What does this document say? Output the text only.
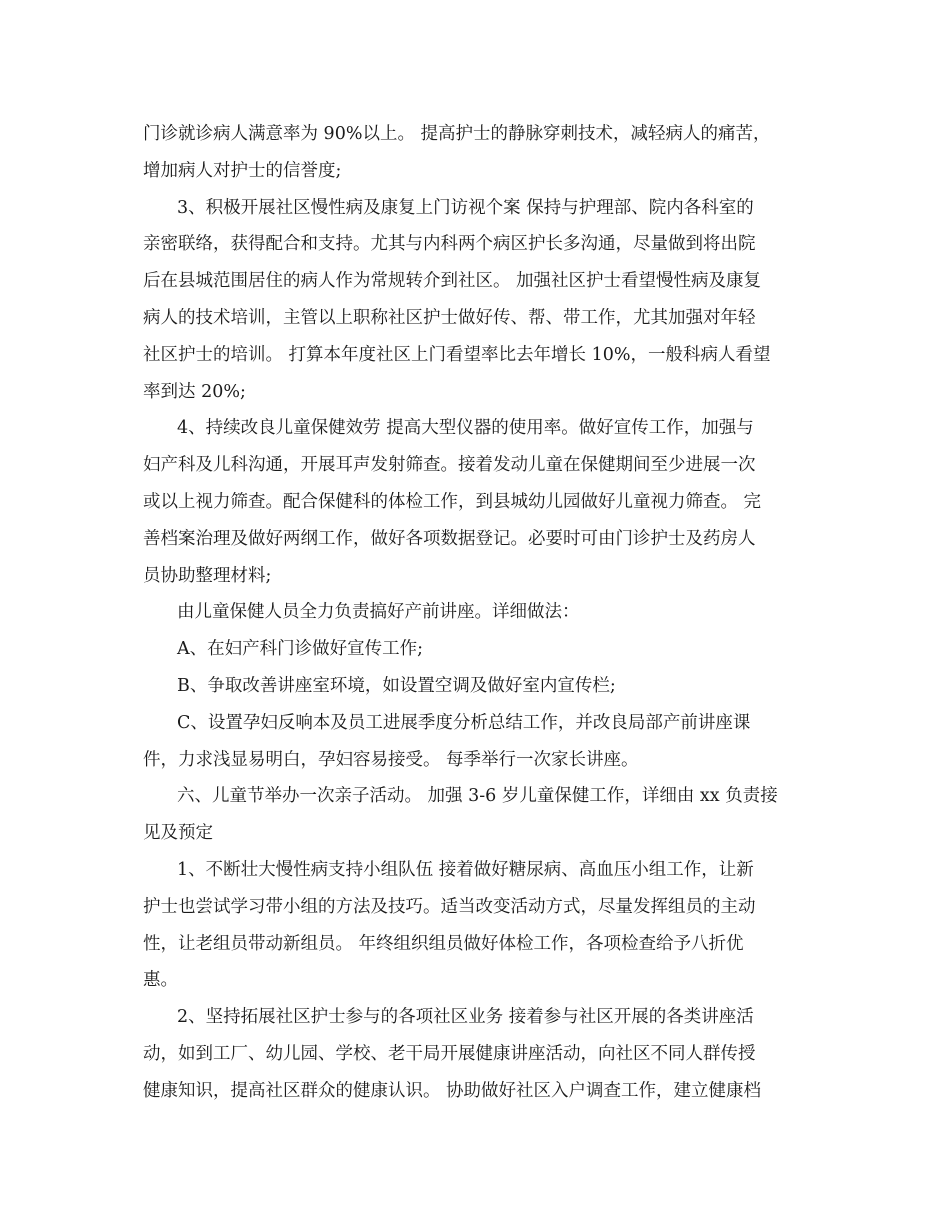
门诊就诊病人满意率为 90%以上。 提高护士的静脉穿刺技术，减轻病人的痛苦，
增加病人对护士的信誉度;
3、积极开展社区慢性病及康复上门访视个案 保持与护理部、院内各科室的
亲密联络，获得配合和支持。尤其与内科两个病区护长多沟通，尽量做到将出院
后在县城范围居住的病人作为常规转介到社区。 加强社区护士看望慢性病及康复
病人的技术培训，主管以上职称社区护士做好传、帮、带工作，尤其加强对年轻
社区护士的培训。 打算本年度社区上门看望率比去年增长 10%，一般科病人看望
率到达 20%;
4、持续改良儿童保健效劳 提高大型仪器的使用率。做好宣传工作，加强与
妇产科及儿科沟通，开展耳声发射筛查。接着发动儿童在保健期间至少进展一次
或以上视力筛查。配合保健科的体检工作，到县城幼儿园做好儿童视力筛查。 完
善档案治理及做好两纲工作，做好各项数据登记。必要时可由门诊护士及药房人
员协助整理材料;
由儿童保健人员全力负责搞好产前讲座。详细做法：
A、在妇产科门诊做好宣传工作;
B、争取改善讲座室环境，如设置空调及做好室内宣传栏;
C、设置孕妇反响本及员工进展季度分析总结工作，并改良局部产前讲座课
件，力求浅显易明白，孕妇容易接受。 每季举行一次家长讲座。
六、儿童节举办一次亲子活动。 加强 3-6 岁儿童保健工作，详细由 xx 负责接
见及预定
1、不断壮大慢性病支持小组队伍 接着做好糖尿病、高血压小组工作，让新
护士也尝试学习带小组的方法及技巧。适当改变活动方式，尽量发挥组员的主动
性，让老组员带动新组员。 年终组织组员做好体检工作，各项检查给予八折优
惠。
2、坚持拓展社区护士参与的各项社区业务 接着参与社区开展的各类讲座活
动，如到工厂、幼儿园、学校、老干局开展健康讲座活动，向社区不同人群传授
健康知识，提高社区群众的健康认识。 协助做好社区入户调查工作，建立健康档
